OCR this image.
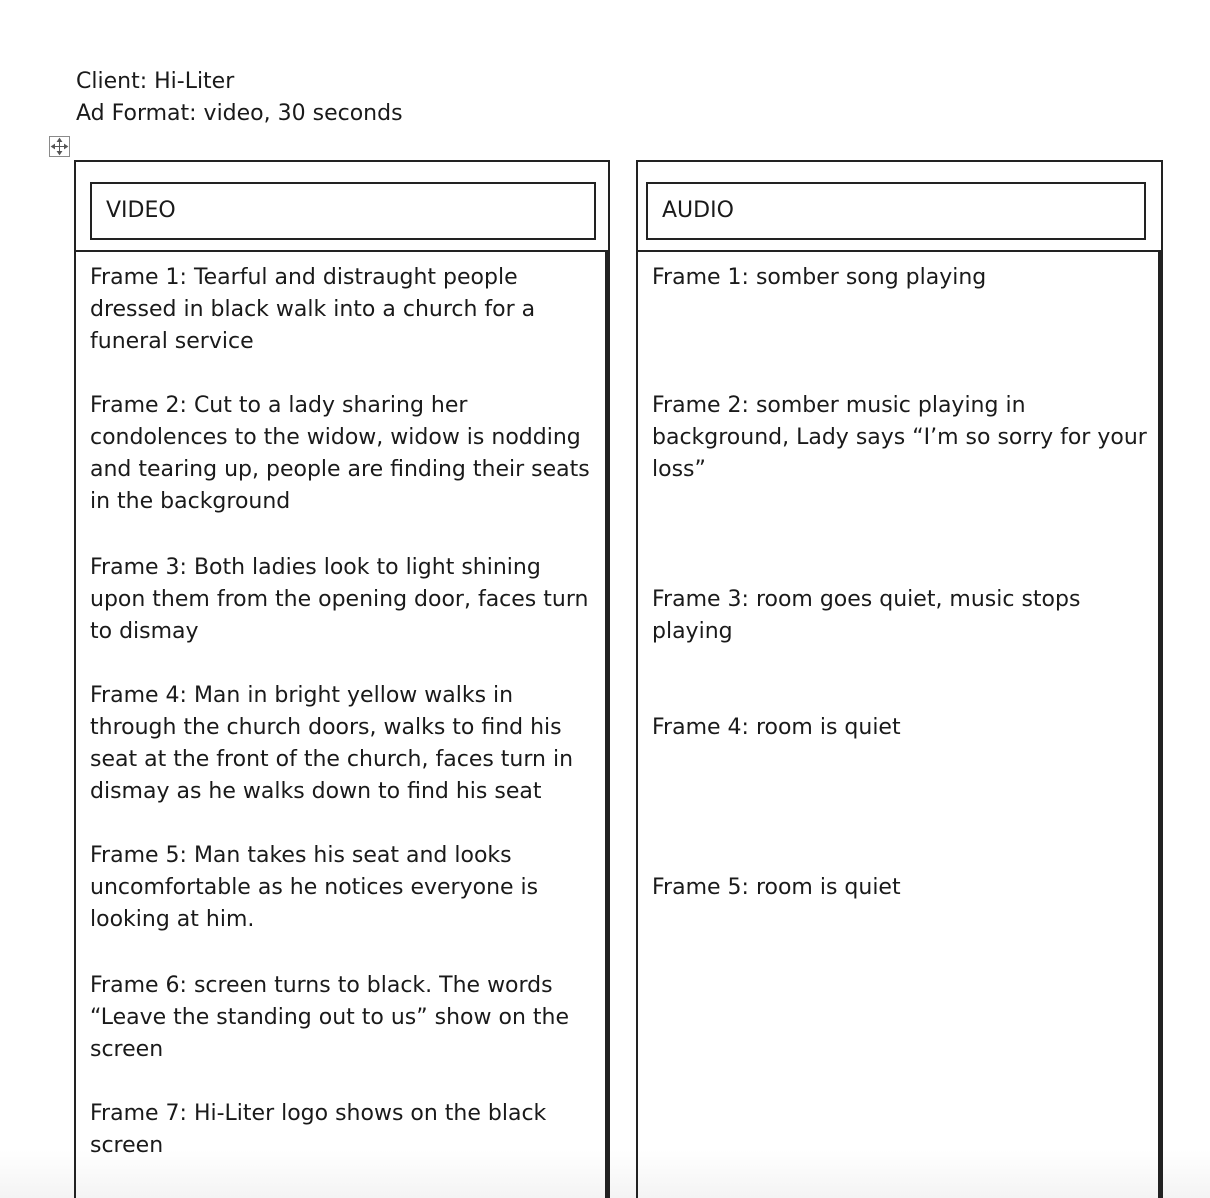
Client: Hi-Liter
Ad Format: video, 30 seconds
VIDEO

Frame 1: Tearful and distraught people dressed in black walk into a church for a funeral service

Frame 2: Cut to a lady sharing her condolences to the widow, widow is nodding and tearing up, people are finding their seats in the background

Frame 3: Both ladies look to light shining upon them from the opening door, faces turn to dismay

Frame 4: Man in bright yellow walks in through the church doors, walks to find his seat at the front of the church, faces turn in dismay as he walks down to find his seat

Frame 5: Man takes his seat and looks uncomfortable as he notices everyone is looking at him.

Frame 6: screen turns to black. The words “Leave the standing out to us” show on the screen

Frame 7: Hi-Liter logo shows on the black screen

AUDIO

Frame 1: somber song playing

Frame 2: somber music playing in background, Lady says “I’m so sorry for your loss”

Frame 3: room goes quiet, music stops playing

Frame 4: room is quiet

Frame 5: room is quiet
